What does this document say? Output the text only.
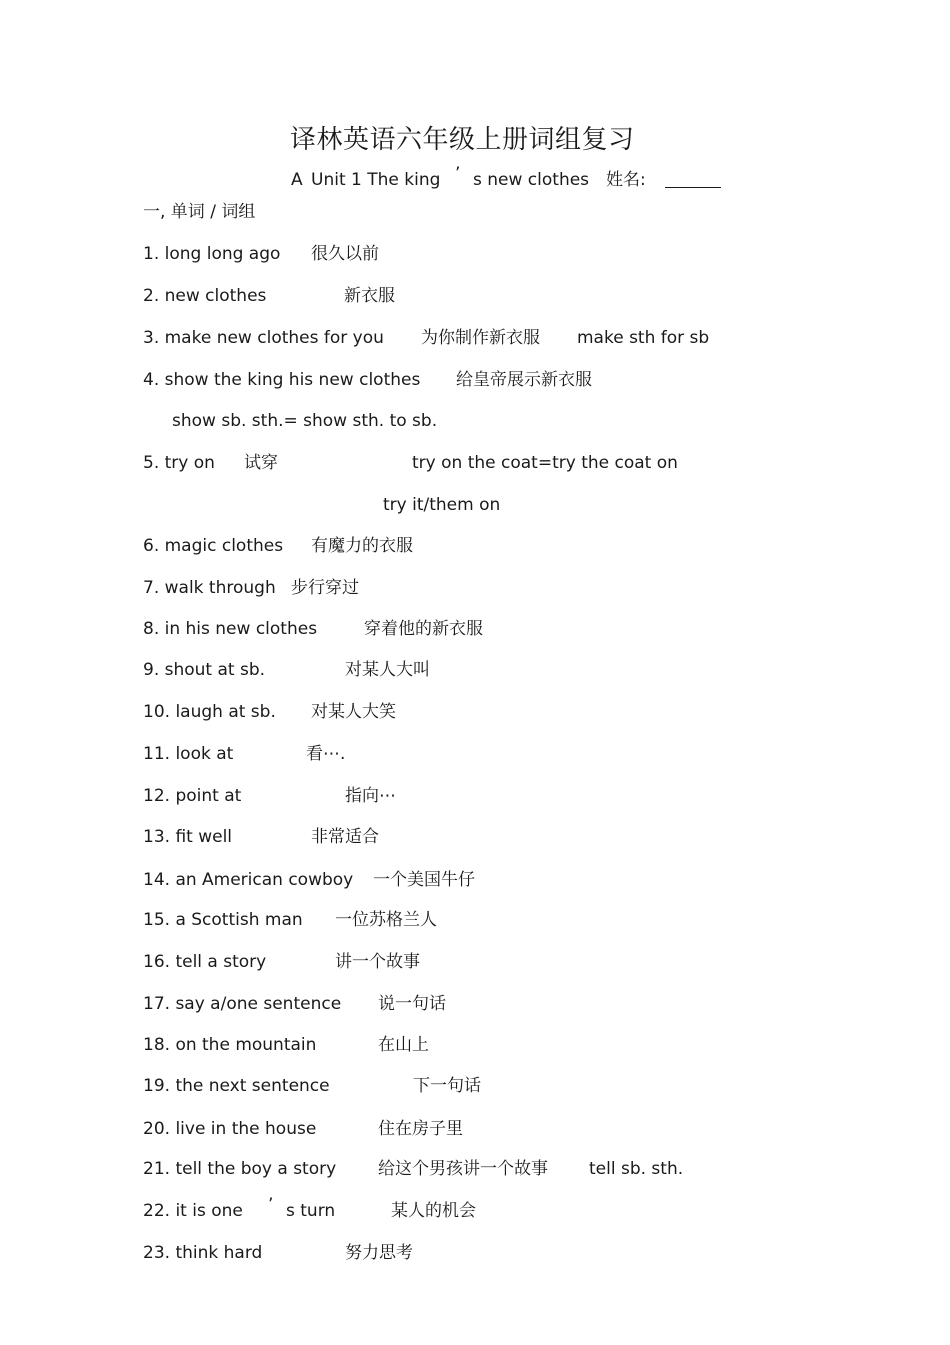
译林英语六年级上册词组复习
A Unit 1 The king ’ s new clothes 姓名:
一, 单词 / 词组
1. long long ago 很久以前
2. new clothes	新衣服
3. make new clothes for you 为你制作新衣服 make sth for sb
4. show the king his new clothes 给皇帝展示新衣服
show sb. sth.= show sth. to sb.
5. try on 试穿	try on the coat=try the coat on
try it/them on
6. magic clothes 有魔力的衣服
7. walk through 步行穿过
8. in his new clothes	穿着他的新衣服
9. shout at sb.	对某人大叫
10. laugh at sb. 对某人大笑
11. look at	看⋯.
12. point at	指向⋯
13. fit well	非常适合
14. an American cowboy 一个美国牛仔
15. a Scottish man 一位苏格兰人
16. tell a story	讲一个故事
17. say a/one sentence 说一句话
18. on the mountain	在山上
19. the next sentence	下一句话
20. live in the house	住在房子里
21. tell the boy a story 给这个男孩讲一个故事 tell sb. sth.
22. it is one ’ s turn	某人的机会
23. think hard	努力思考
